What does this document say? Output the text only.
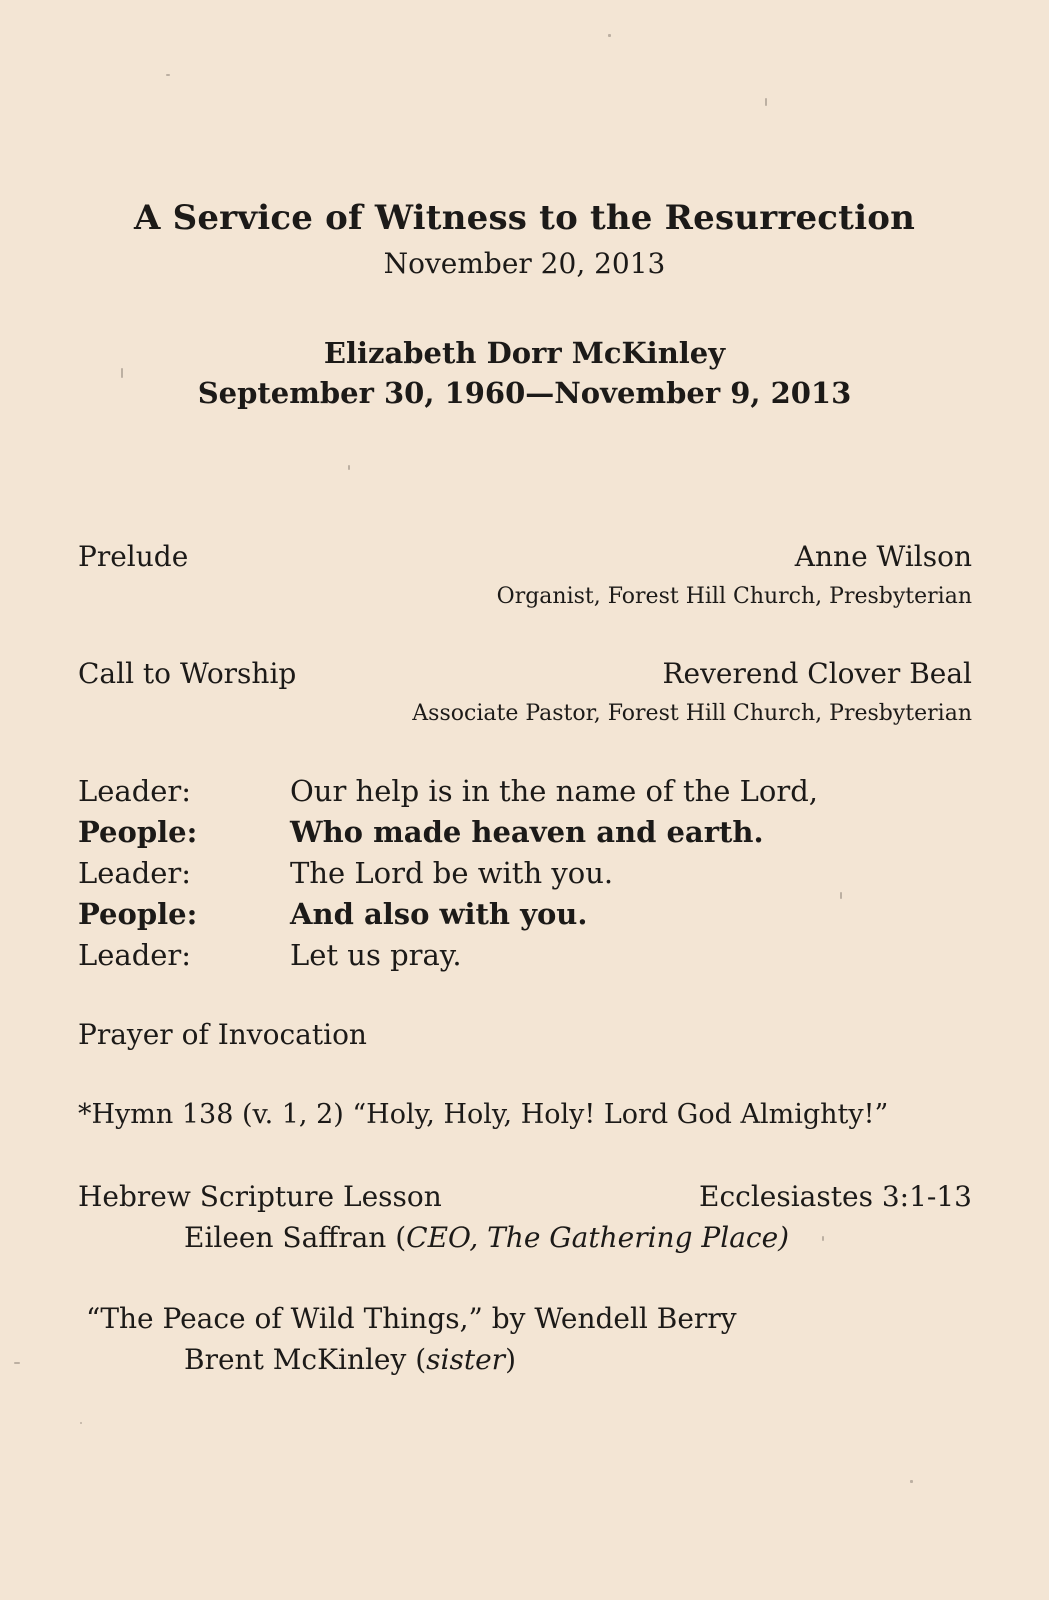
A Service of Witness to the Resurrection
November 20, 2013
Elizabeth Dorr McKinley
September 30, 1960—November 9, 2013
Prelude	Anne Wilson
Organist, Forest Hill Church, Presbyterian
Call to Worship	Reverend Clover Beal
Associate Pastor, Forest Hill Church, Presbyterian
Leader:	Our help is in the name of the Lord,
People:	Who made heaven and earth.
Leader:	The Lord be with you.
People:	And also with you.
Leader:	Let us pray.
Prayer of Invocation
*Hymn 138 (v. 1, 2) “Holy, Holy, Holy! Lord God Almighty!”
Hebrew Scripture Lesson	Ecclesiastes 3:1-13
Eileen Saffran (CEO, The Gathering Place)
“The Peace of Wild Things,” by Wendell Berry
Brent McKinley (sister)
